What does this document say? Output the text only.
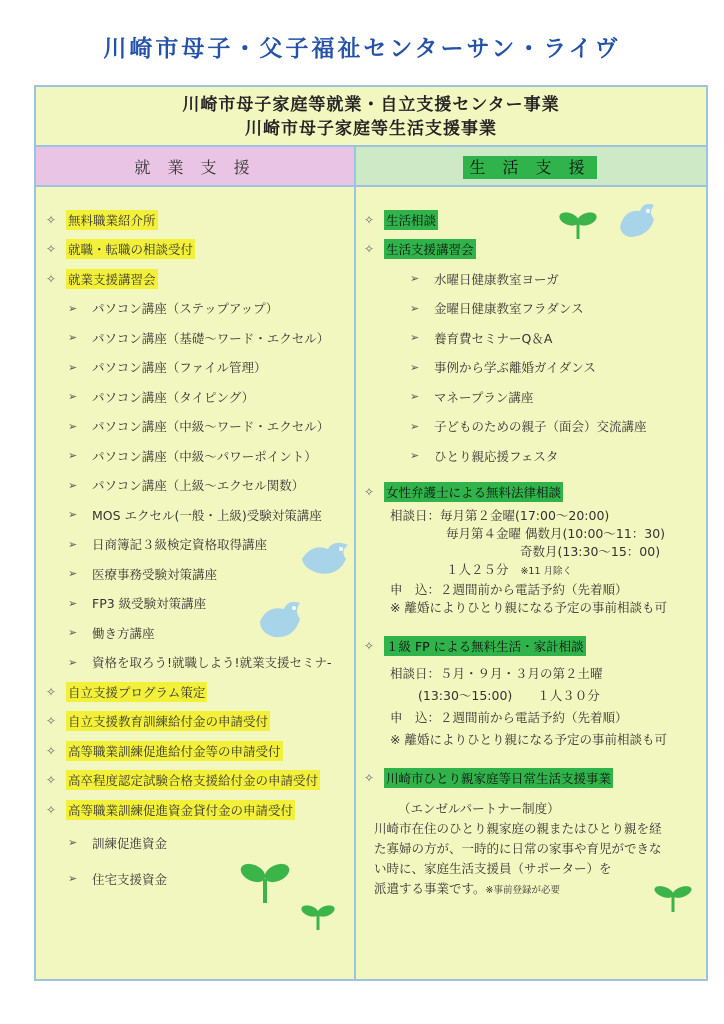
川崎市母子・父子福祉センターサン・ライヴ
川崎市母子家庭等就業・自立支援センター事業
川崎市母子家庭等生活支援事業
就 業 支 援	生 活 支 援
✧ 無料職業紹介所
✧ 就職・転職の相談受付
✧ 就業支援講習会
➢	パソコン講座（ステップアップ）
➢	パソコン講座（基礎～ワード・エクセル）
➢	パソコン講座（ファイル管理）
➢	パソコン講座（タイピング）
➢	パソコン講座（中級～ワード・エクセル）
➢	パソコン講座（中級～パワーポイント）
➢	パソコン講座（上級～エクセル関数）
➢	MOS エクセル(一般・上級)受験対策講座
➢	日商簿記３級検定資格取得講座
➢	医療事務受験対策講座
➢	FP3 級受験対策講座
➢	働き方講座
➢	資格を取ろう!就職しよう!就業支援セミナ-
✧ 自立支援プログラム策定
✧ 自立支援教育訓練給付金の申請受付
✧ 高等職業訓練促進給付金等の申請受付
✧ 高卒程度認定試験合格支援給付金の申請受付
✧ 高等職業訓練促進資金貸付金の申請受付
➢	訓練促進資金
➢	住宅支援資金
✧ 生活相談
✧ 生活支援講習会
➢	水曜日健康教室ヨーガ
➢	金曜日健康教室フラダンス
➢	養育費セミナーQ＆A
➢	事例から学ぶ離婚ガイダンス
➢	マネープラン講座
➢	子どものための親子（面会）交流講座
➢	ひとり親応援フェスタ
✧ 女性弁護士による無料法律相談
相談日：毎月第２金曜(17:00～20:00)
毎月第４金曜 偶数月(10:00～11：30)
奇数月(13:30～15：00)
１人２５分 ※11 月除く
申　込：２週間前から電話予約（先着順）
※ 離婚によりひとり親になる予定の事前相談も可
✧ １級 FP による無料生活・家計相談
相談日：５月・９月・３月の第２土曜
(13:30～15:00)　　１人３０分
申　込：２週間前から電話予約（先着順）
※ 離婚によりひとり親になる予定の事前相談も可
✧ 川崎市ひとり親家庭等日常生活支援事業
（エンゼルパートナー制度）
川崎市在住のひとり親家庭の親またはひとり親を経
た寡婦の方が、一時的に日常の家事や育児ができな
い時に、家庭生活支援員（サポーター）を
派遣する事業です。※事前登録が必要
